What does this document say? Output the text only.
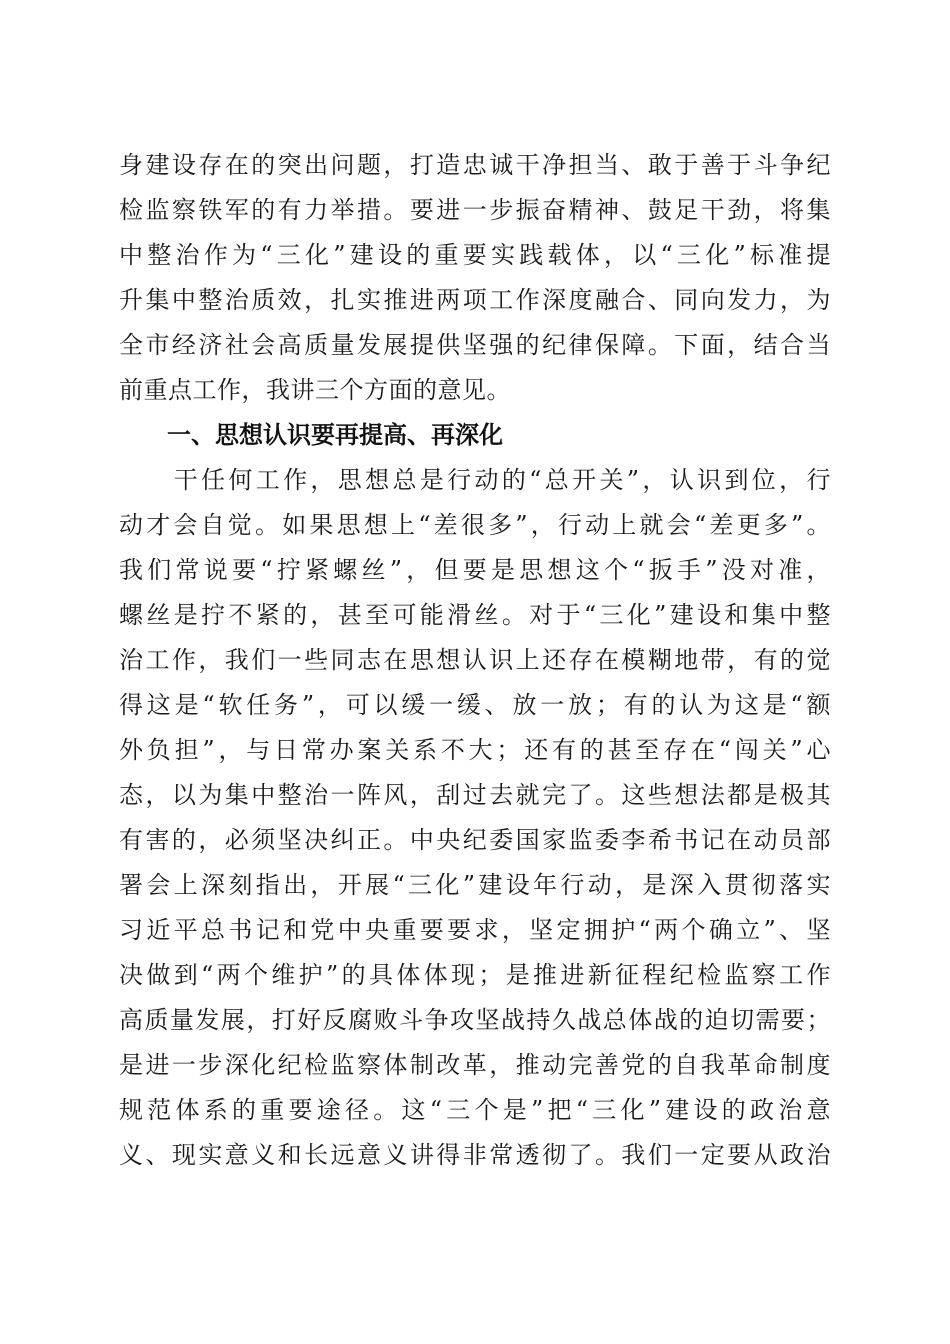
身建设存在的突出问题，打造忠诚干净担当、敢于善于斗争纪
检监察铁军的有力举措。要进一步振奋精神、鼓足干劲，将集
中整治作为“三化”建设的重要实践载体，以“三化”标准提
升集中整治质效，扎实推进两项工作深度融合、同向发力，为
全市经济社会高质量发展提供坚强的纪律保障。下面，结合当
前重点工作，我讲三个方面的意见。
一、思想认识要再提高、再深化
　　干任何工作，思想总是行动的“总开关”，认识到位，行
动才会自觉。如果思想上“差很多”，行动上就会“差更多”。
我们常说要“拧紧螺丝”，但要是思想这个“扳手”没对准，
螺丝是拧不紧的，甚至可能滑丝。对于“三化”建设和集中整
治工作，我们一些同志在思想认识上还存在模糊地带，有的觉
得这是“软任务”，可以缓一缓、放一放；有的认为这是“额
外负担”，与日常办案关系不大；还有的甚至存在“闯关”心
态，以为集中整治一阵风，刮过去就完了。这些想法都是极其
有害的，必须坚决纠正。中央纪委国家监委李希书记在动员部
署会上深刻指出，开展“三化”建设年行动，是深入贯彻落实
习近平总书记和党中央重要要求，坚定拥护“两个确立”、坚
决做到“两个维护”的具体体现；是推进新征程纪检监察工作
高质量发展，打好反腐败斗争攻坚战持久战总体战的迫切需要；
是进一步深化纪检监察体制改革，推动完善党的自我革命制度
规范体系的重要途径。这“三个是”把“三化”建设的政治意
义、现实意义和长远意义讲得非常透彻了。我们一定要从政治
